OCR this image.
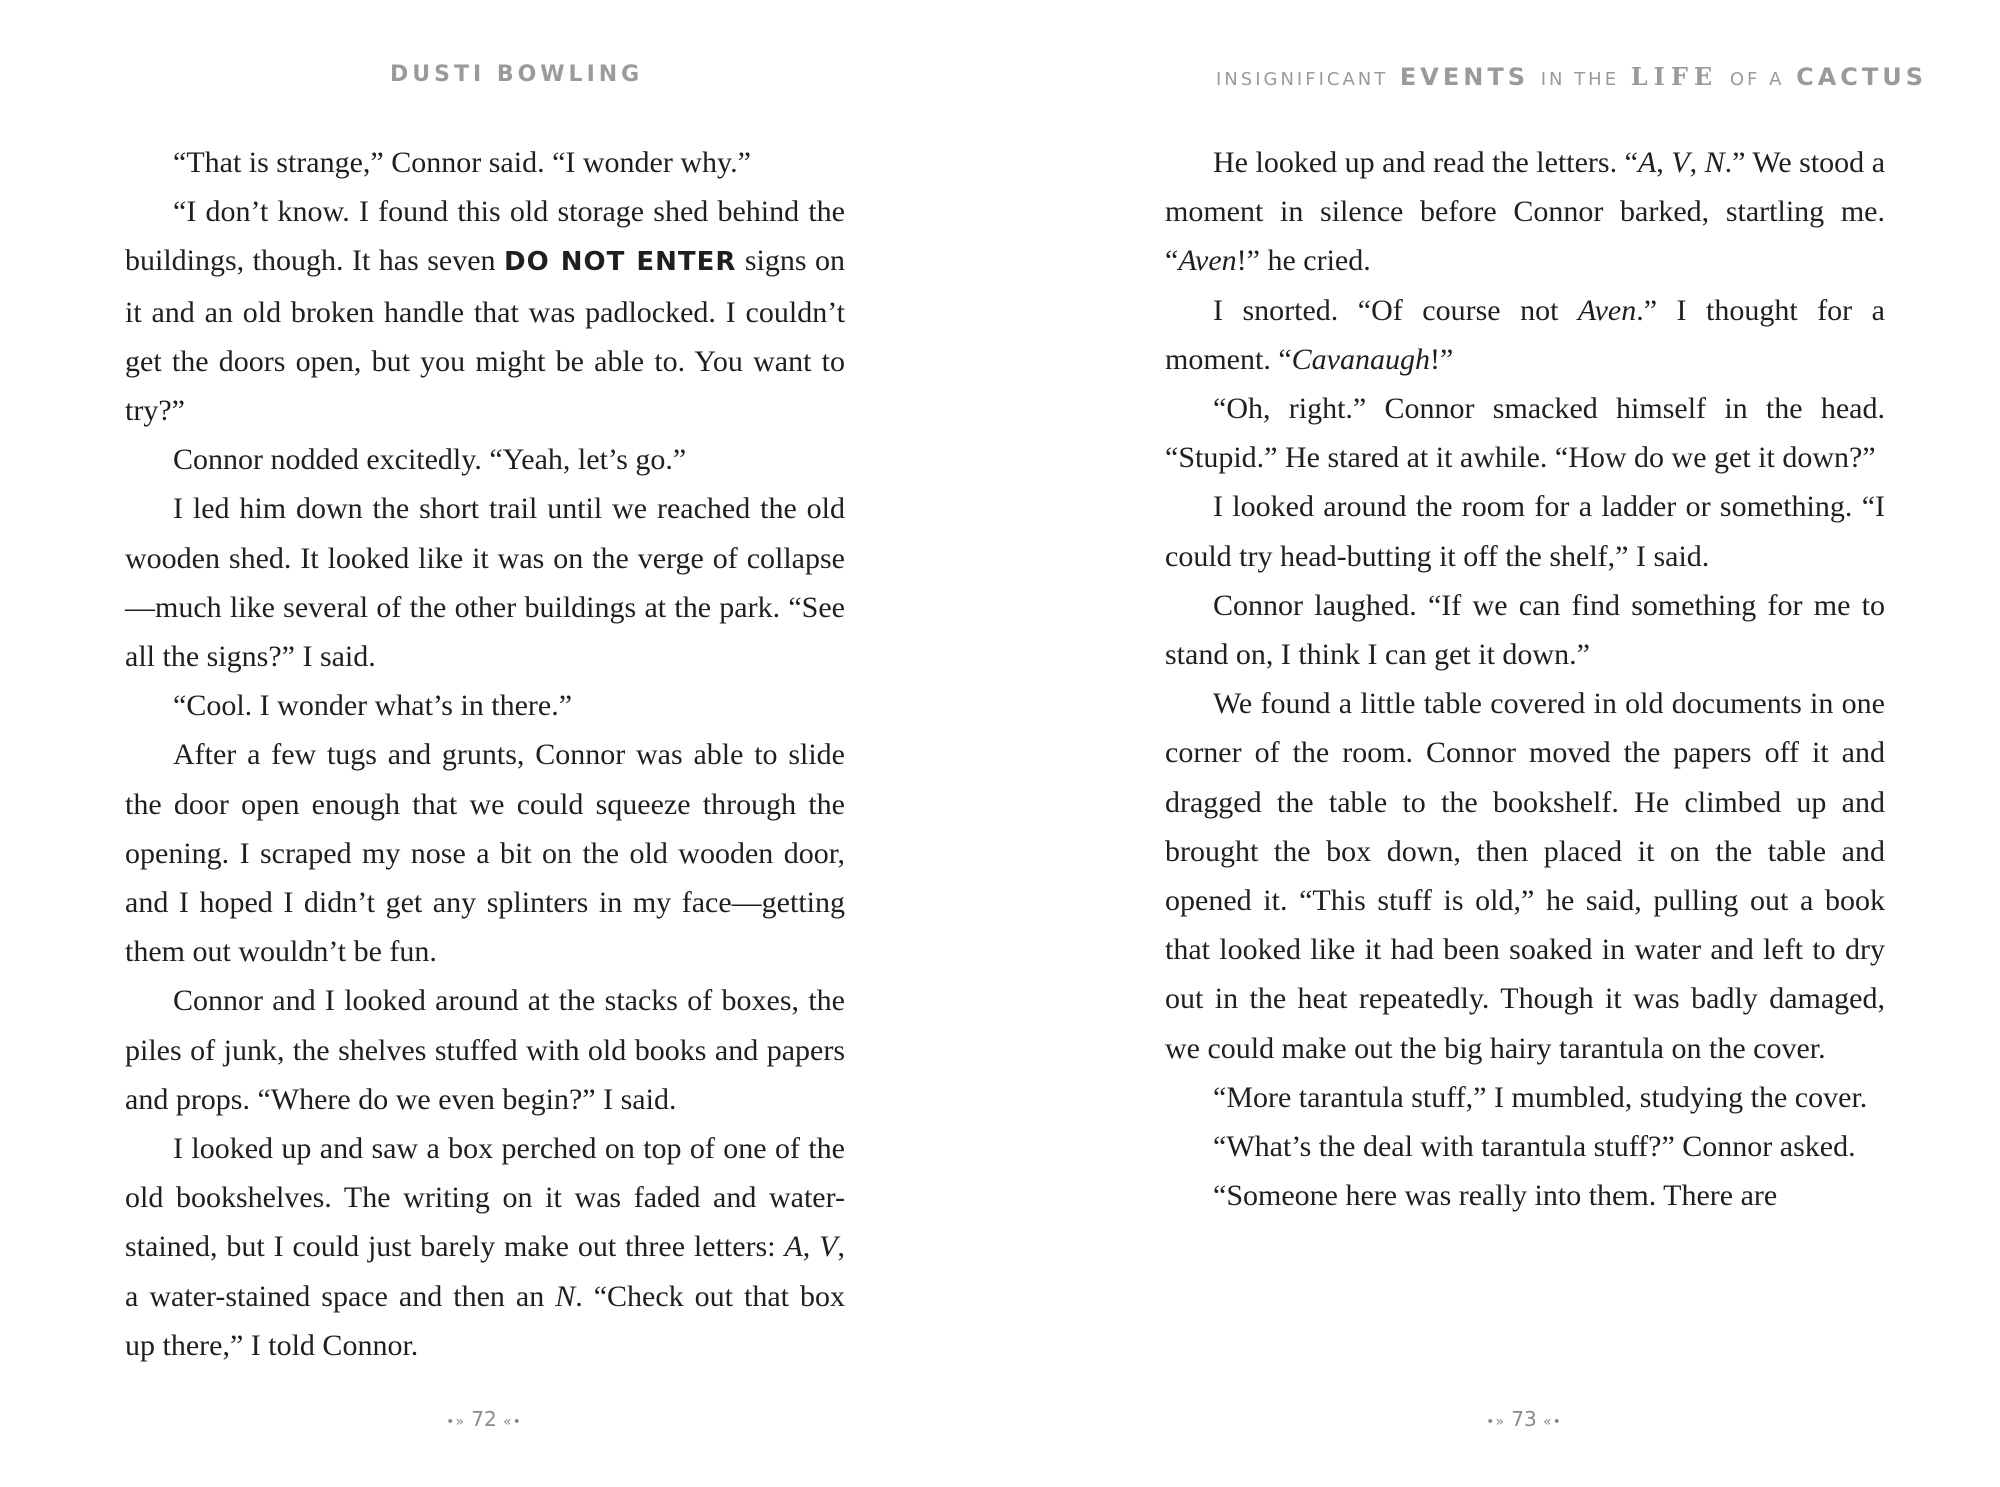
DUSTI BOWLING

“That is strange,” Connor said. “I wonder why.”

“I don’t know. I found this old storage shed behind the buildings, though. It has seven DO NOT ENTER signs on it and an old broken handle that was padlocked. I couldn’t get the doors open, but you might be able to. You want to try?”

Connor nodded excitedly. “Yeah, let’s go.”

I led him down the short trail until we reached the old wooden shed. It looked like it was on the verge of collapse—much like several of the other buildings at the park. “See all the signs?” I said.

“Cool. I wonder what’s in there.”

After a few tugs and grunts, Connor was able to slide the door open enough that we could squeeze through the opening. I scraped my nose a bit on the old wooden door, and I hoped I didn’t get any splinters in my face—getting them out wouldn’t be fun.

Connor and I looked around at the stacks of boxes, the piles of junk, the shelves stuffed with old books and papers and props. “Where do we even begin?” I said.

I looked up and saw a box perched on top of one of the old bookshelves. The writing on it was faded and water-stained, but I could just barely make out three letters: A, V, a water-stained space and then an N. “Check out that box up there,” I told Connor.

•» 72 «•
INSIGNIFICANT EVENTS IN THE LIFE OF A CACTUS

He looked up and read the letters. “A, V, N.” We stood a moment in silence before Connor barked, startling me. “Aven!” he cried.

I snorted. “Of course not Aven.” I thought for a moment. “Cavanaugh!”

“Oh, right.” Connor smacked himself in the head. “Stupid.” He stared at it awhile. “How do we get it down?”

I looked around the room for a ladder or something. “I could try head-butting it off the shelf,” I said.

Connor laughed. “If we can find something for me to stand on, I think I can get it down.”

We found a little table covered in old documents in one corner of the room. Connor moved the papers off it and dragged the table to the bookshelf. He climbed up and brought the box down, then placed it on the table and opened it. “This stuff is old,” he said, pulling out a book that looked like it had been soaked in water and left to dry out in the heat repeatedly. Though it was badly damaged, we could make out the big hairy tarantula on the cover.

“More tarantula stuff,” I mumbled, studying the cover.

“What’s the deal with tarantula stuff?” Connor asked.

“Someone here was really into them. There are

•» 73 «•
